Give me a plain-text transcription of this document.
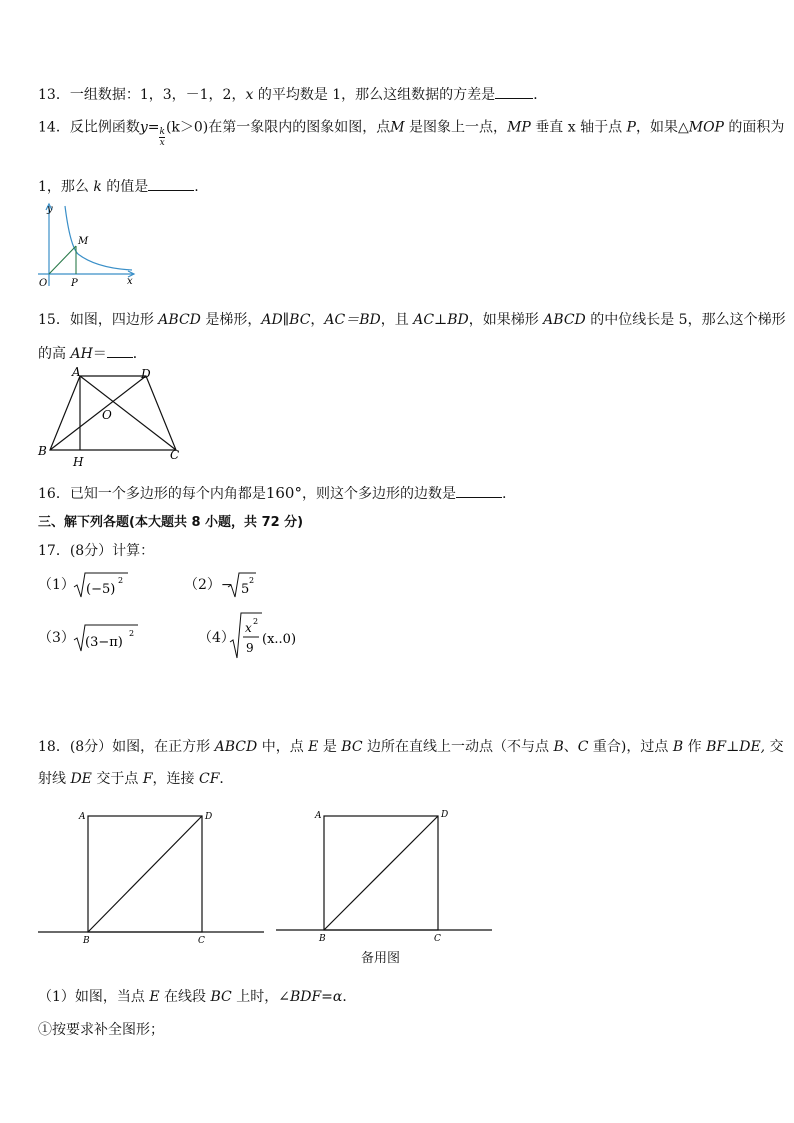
13．一组数据：1，3，－1，2，x 的平均数是 1，那么这组数据的方差是	．
14．反比例函数$y= \frac{k}{x} (k>0)$在第一象限内的图象如图，点M 是图象上一点，MP 垂直 x 轴于点 P，如果△MOP 的面积为
1，那么 k 的值是	.
y
x
O P
M
15．如图，四边形 ABCD 是梯形，AD∥BC，AC＝BD，且 AC⊥BD，如果梯形 ABCD 的中位线长是 5，那么这个梯形
的高 AH＝ ．
A	D
O
B
H	C
16．已知一个多边形的每个内角都是160°，则这个多边形的边数是	.
三、解下列各题(本大题共 8 小题，共 72 分)
17．(8分）计算：
（1） (−5)
2	（2）− 5
2
（3） (3−π)
2	（4）
x 2
9
(x..0)
18．(8分）如图，在正方形 ABCD 中，点 E 是 BC 边所在直线上一动点（不与点 B、C 重合)，过点 B 作 BF⊥DE, 交
射线 DE 交于点 F，连接 CF．
A	D
B	C
A	D
B	C
备用图
（1）如图，当点 E 在线段 BC 上时，∠BDF=α．
①按要求补全图形；
